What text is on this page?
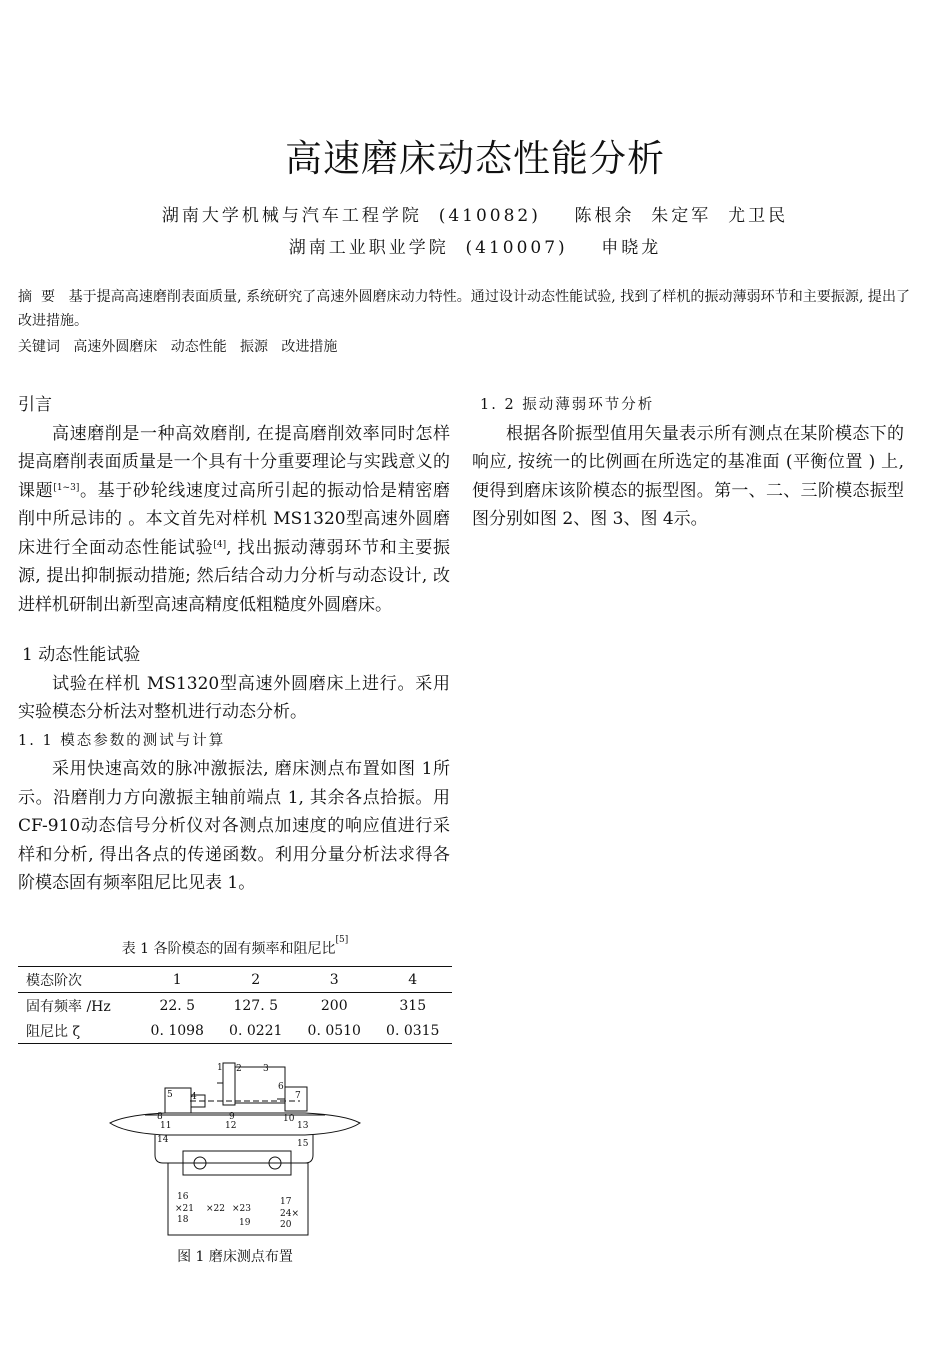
高速磨床动态性能分析
湖南大学机械与汽车工程学院  (410082)    陈根余  朱定军  尤卫民
湖南工业职业学院  (410007)    申晓龙
摘  要 基于提高高速磨削表面质量, 系统研究了高速外圆磨床动力特性。通过设计动态性能试验, 找到了样机的振动薄弱环节和主要振源, 提出了改进措施。
关键词 高速外圆磨床   动态性能   振源   改进措施

引言

高速磨削是一种高效磨削, 在提高磨削效率同时怎样提高磨削表面质量是一个具有十分重要理论与实践意义的课题[1~3]。基于砂轮线速度过高所引起的振动恰是精密磨削中所忌讳的 。本文首先对样机 MS1320型高速外圆磨床进行全面动态性能试验[4], 找出振动薄弱环节和主要振源, 提出抑制振动措施; 然后结合动力分析与动态设计, 改进样机研制出新型高速高精度低粗糙度外圆磨床。

1 动态性能试验

试验在样机 MS1320型高速外圆磨床上进行。采用实验模态分析法对整机进行动态分析。

1. 1 模态参数的测试与计算

采用快速高效的脉冲激振法, 磨床测点布置如图 1所示。沿磨削力方向激振主轴前端点 1, 其余各点拾振。用 CF-910动态信号分析仪对各测点加速度的响应值进行采样和分析, 得出各点的传递函数。利用分量分析法求得各阶模态固有频率阻尼比见表 1。

表 1 各阶模态的固有频率和阻尼比[5]
模态阶次	1	2	3	4
固有频率 /Hz	22. 5	127. 5	200	315
阻尼比 ζ	0. 1098	0. 0221	0. 0510	0. 0315
1 2 3
4
5
6
7
8	9	10
11	12	13
14	15
16	17
18	19	20
×21 ×22 ×23	24×
图 1 磨床测点布置

1. 2 振动薄弱环节分析

根据各阶振型值用矢量表示所有测点在某阶模态下的响应, 按统一的比例画在所选定的基准面 (平衡位置 ) 上, 便得到磨床该阶模态的振型图。第一、二、三阶模态振型图分别如图 2、图 3、图 4示。
